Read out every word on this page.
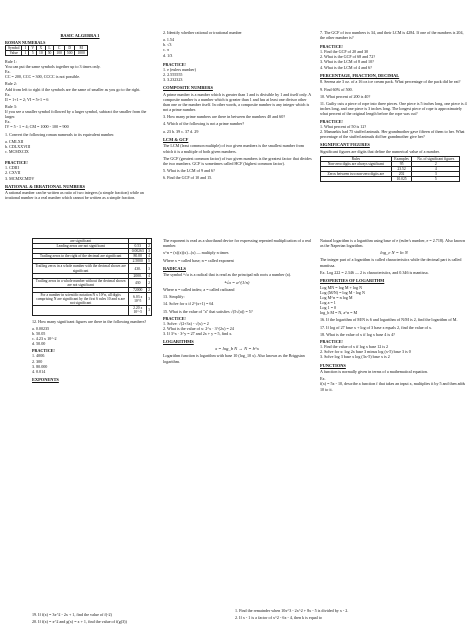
BASIC ALGEBRA 1
ROMAN NUMERALS
Symbol	I	V	X	L	C	D	M
Value	1	5	10	50	100	500	1000

Rule 1:
You can put the same symbols together up to 3 times only.
Ex.
CC = 200, CCC = 300, CCCC is not possible.

Rule 2:
Add from left to right if the symbols are the same of smaller as you go to the right.
Ex.
II = 1+1 = 2; VI = 5+1 = 6

Rule 3:
If you see a smaller symbol followed by a larger symbol, subtract the smaller from the larger.
Ex.
IV = 5 - 1 = 4; CM = 1000 - 100 = 900

1. Convert the following roman numerals to its equivalent number.

a. CMLXII
b. CDLXXVIII
c. MCMXCIX

PRACTICE!
1. CDIII
2. CXVII
3. MCMXCMDV

RATIONAL & IRRATIONAL NUMBERS

A rational number can be written as ratio of two integers (a simple fraction) while an irrational number is a real number which cannot be written as a simple fraction.

2. Identify whether rational or irrational number

a. 1.54
b. √3
c. π
d. 1/3

PRACTICE!
1. e (eulers number)
2. 2.555555
3. 3.232323

COMPOSITE NUMBERS

A prime number is a number which is greater than 1 and is divisible by 1 and itself only. A composite number is a number which is greater than 1 and has at least one divisor other than one or the number itself. In other words, a composite number is any integer which is not a prime number.

3. How many prime numbers are there in between the numbers 40 and 60?

4. Which of the following is not a prime number?

a. 23 b. 39 c. 37 d. 29

LCM & GCF

The LCM (least common multiple) of two given numbers is the smallest number from which it is a multiple of both given numbers.

The GCF (greatest common factor) of two given numbers is the greatest factor that divides the two numbers. GCF is sometimes called HCF (highest common factor).

5. What is the LCM of 9 and 6?

6. Find the GCF of 10 and 15.

7. The GCF of two numbers is 34, and their LCM is 4284. If one of the numbers is 204, the other number is?

PRACTICE!
1. Find the GCF of 20 and 30
2. What is the GCF of 68 and 72?
3. What is the LCM of 8 and 10?
4. What is the LCM of 4 and 6?

PERCENTAGE, FRACTION, DECIMAL

8. Serena ate 3 oz. of a 16 oz ice cream pack. What percentage of the pack did he eat?

9. Find 60% of 500.

10. What percent of 200 is 40?

11. Guilty cuts a piece of rope into three pieces. One piece is 5 inches long, one piece is 4 inches long, and one piece is 3 inches long. The longest piece of rope is approximately what percent of the original length before the rope was cut?

PRACTICE!
1. What percent of 50 is 12?
2. Mamaekis had 75 stuffed animals. Her grandmother gave fifteen of them to her. What percentage of the stuffed animals did her grandmother give her?

SIGNIFICANT FIGURES

Significant figures are digits that define the numerical value of a number.

Rules	Examples	No. of significant figures
Non-zero digits are always significant	95	2
	23.52	4
Zeros between two non-zero digits are	202	3
	10.025	5
are significant		
Leading zeros are not significant	0.53	2
	0.00263	3
Trailing zeros to the right of the decimal are significant	80.00	4
	2.5000	5
Trailing zeros in a whole number with the decimal shown are significant	430.	3
	2000.	4
Trailing zeros in a whole number without the decimal shown are not significant	430	2
	72000	2
For a number in scientific notation N x 10^n, all digits comprising N are significant by the first 6 rules 10 and n are not significant	6.03 x 10^5	3
	2.20 x 10^-5	3

12. How many significant figures are there in the following numbers?

a. 0.00235
b. 50.05
c. 4.23 x 10^-2
d. 50.00

PRACTICE!
1. 4000.
2. 300
3. 80.000
4. 0.014

EXPONENTS

The exponent is read as a shorthand device for expressing repeated multiplication of a real number.

x^n = (x)(x)(x)...(x) — multiply n times

Where x = called base; n = called exponent

RADICALS

The symbol ⁿ√a is a radical that is read as the principal nth roots a number (a).

ⁿ√a = a^(1/n)

Where n = called index; a = called radicand

13. Simplify:

14. Solve for x if 2^(x+1) = 64

15. What is the value of "a" that satisfies √(5√(a)) = 5?

PRACTICE!
1. Solve: √(2+3x) - √(x) = 2
2. What is the value of x: 2^x · 3^(2x) = 24
3. If 3^x · 3^y = 27 and 2x + y = 5, find x.

LOGARITHMS
x = log_b N → N = b^x

Logarithm function is logarithm with base 10 (log_10 x). Also known as the Briggsian logarithm.

Natural logarithm is a logarithm using base of e (euler's number, e = 2.718). Also known as the Naperian logarithm.

log_e N = ln N

The integer part of a logarithm is called characteristics while the decimal part is called mantissa.

Ex. Log 222 = 2.346 — 2 is characteristics, and 0.346 is mantissa.

PROPERTIES OF LOGARITHM

Log MN = log M + log N
Log (M/N) = log M - log N
Log M^n = n log M
Log a = 1
Log 1 = 0
log_b M = N, a^n = M

16. If the logarithm of M/N is 6 and logarithm of N/M is 2, find the logarithm of M.

17. If log of 27 base x + log of 3 base x equals 2, find the value of x.

18. What is the value of x if log x base 4 is 4?

PRACTICE!
1. Find the value of x if log x base 12 is 2
2. Solve for x: log 2x base 3 minus log (x-5) base 3 is 0
3. Solve log 3 base x log (3x-5) base x is 2

FUNCTIONS

A function is normally given in terms of a mathematical equation.

Ex.
f(x) = 5x - 10, describe a function f that takes an input x, multiplies it by 5 and then adds 10 to it.

19. If f(x) = 3x^2 - 2x + 1, find the value of f(-2)

20. If f(x) = x^2 and g(x) = x + 1, find the value of f(g(3))

1. Find the remainder when 10x^3 - 2x^2 + 8x - 5 is divided by x - 2.

2. If x - 1 is a factor of x^2 - 6x - 4, then k is equal to
